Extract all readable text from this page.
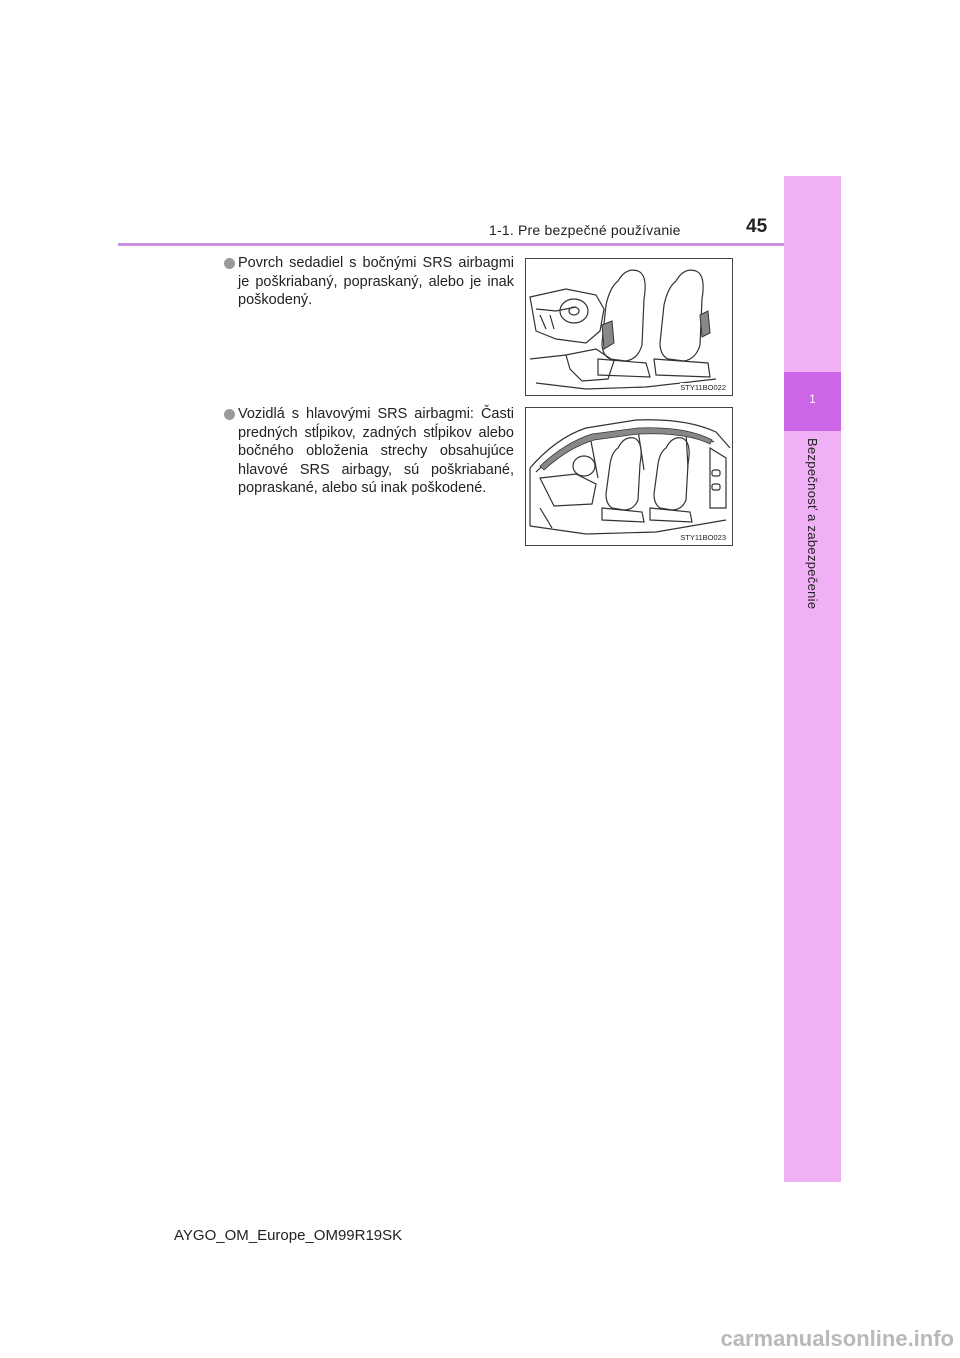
1-1. Pre bezpečné používanie	45
1
Bezpečnosť a zabezpečenie
Povrch sedadiel s bočnými SRS airbagmi je poškriabaný, popraskaný, alebo je inak poškodený.
Vozidlá s hlavovými SRS airbagmi: Časti predných stĺpikov, zadných stĺpikov alebo bočného obloženia strechy obsahujúce hlavové SRS airbagy, sú poškriabané, popraskané, alebo sú inak poškodené.
STY11BO022
STY11BO023
AYGO_OM_Europe_OM99R19SK
carmanualsonline.info
